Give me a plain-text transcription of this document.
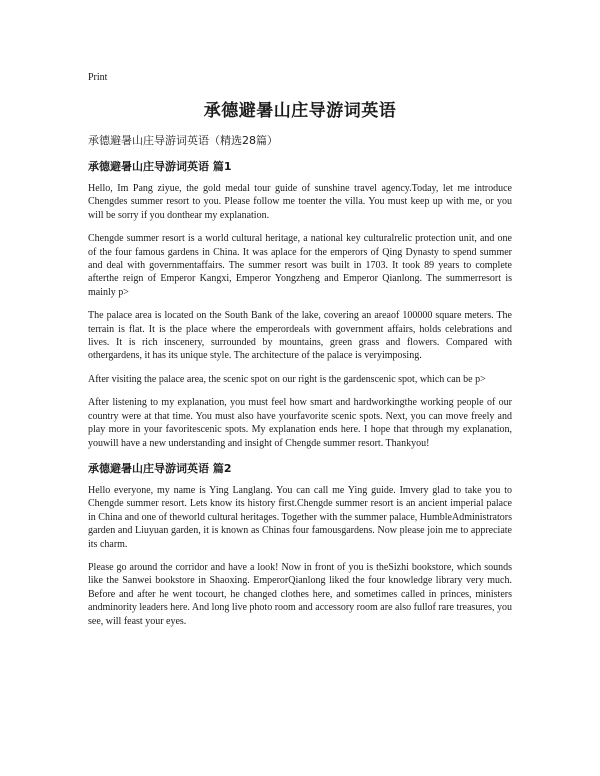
Print
承德避暑山庄导游词英语
承德避暑山庄导游词英语（精选28篇）
承德避暑山庄导游词英语 篇1

Hello, Im Pang ziyue, the gold medal tour guide of sunshine travel agency.Today, let me introduce Chengdes summer resort to you. Please follow me toenter the villa. You must keep up with me, or you will be sorry if you donthear my explanation.

Chengde summer resort is a world cultural heritage, a national key culturalrelic protection unit, and one of the four famous gardens in China. It was aplace for the emperors of Qing Dynasty to spend summer and deal with governmentaffairs. The summer resort was built in 1703. It took 89 years to complete afterthe reign of Emperor Kangxi, Emperor Yongzheng and Emperor Qianlong. The summerresort is mainly p>

The palace area is located on the South Bank of the lake, covering an areaof 100000 square meters. The terrain is flat. It is the place where the emperordeals with government affairs, holds celebrations and lives. It is rich inscenery, surrounded by mountains, green grass and flowers. Compared with othergardens, it has its unique style. The architecture of the palace is veryimposing.

After visiting the palace area, the scenic spot on our right is the gardenscenic spot, which can be p>

After listening to my explanation, you must feel how smart and hardworkingthe working people of our country were at that time. You must also have yourfavorite scenic spots. Next, you can move freely and play more in your favoritescenic spots. My explanation ends here. I hope that through my explanation, youwill have a new understanding and insight of Chengde summer resort. Thankyou!

承德避暑山庄导游词英语 篇2

Hello everyone, my name is Ying Langlang. You can call me Ying guide. Imvery glad to take you to Chengde summer resort. Lets know its history first.Chengde summer resort is an ancient imperial palace in China and one of theworld cultural heritages. Together with the summer palace, HumbleAdministrators garden and Liuyuan garden, it is known as Chinas four famousgardens. Now please join me to appreciate its charm.

Please go around the corridor and have a look! Now in front of you is theSizhi bookstore, which sounds like the Sanwei bookstore in Shaoxing. EmperorQianlong liked the four knowledge library very much. Before and after he went tocourt, he changed clothes here, and sometimes called in princes, ministers andminority leaders here. And long live photo room and accessory room are also fullof rare treasures, you see, will feast your eyes.
